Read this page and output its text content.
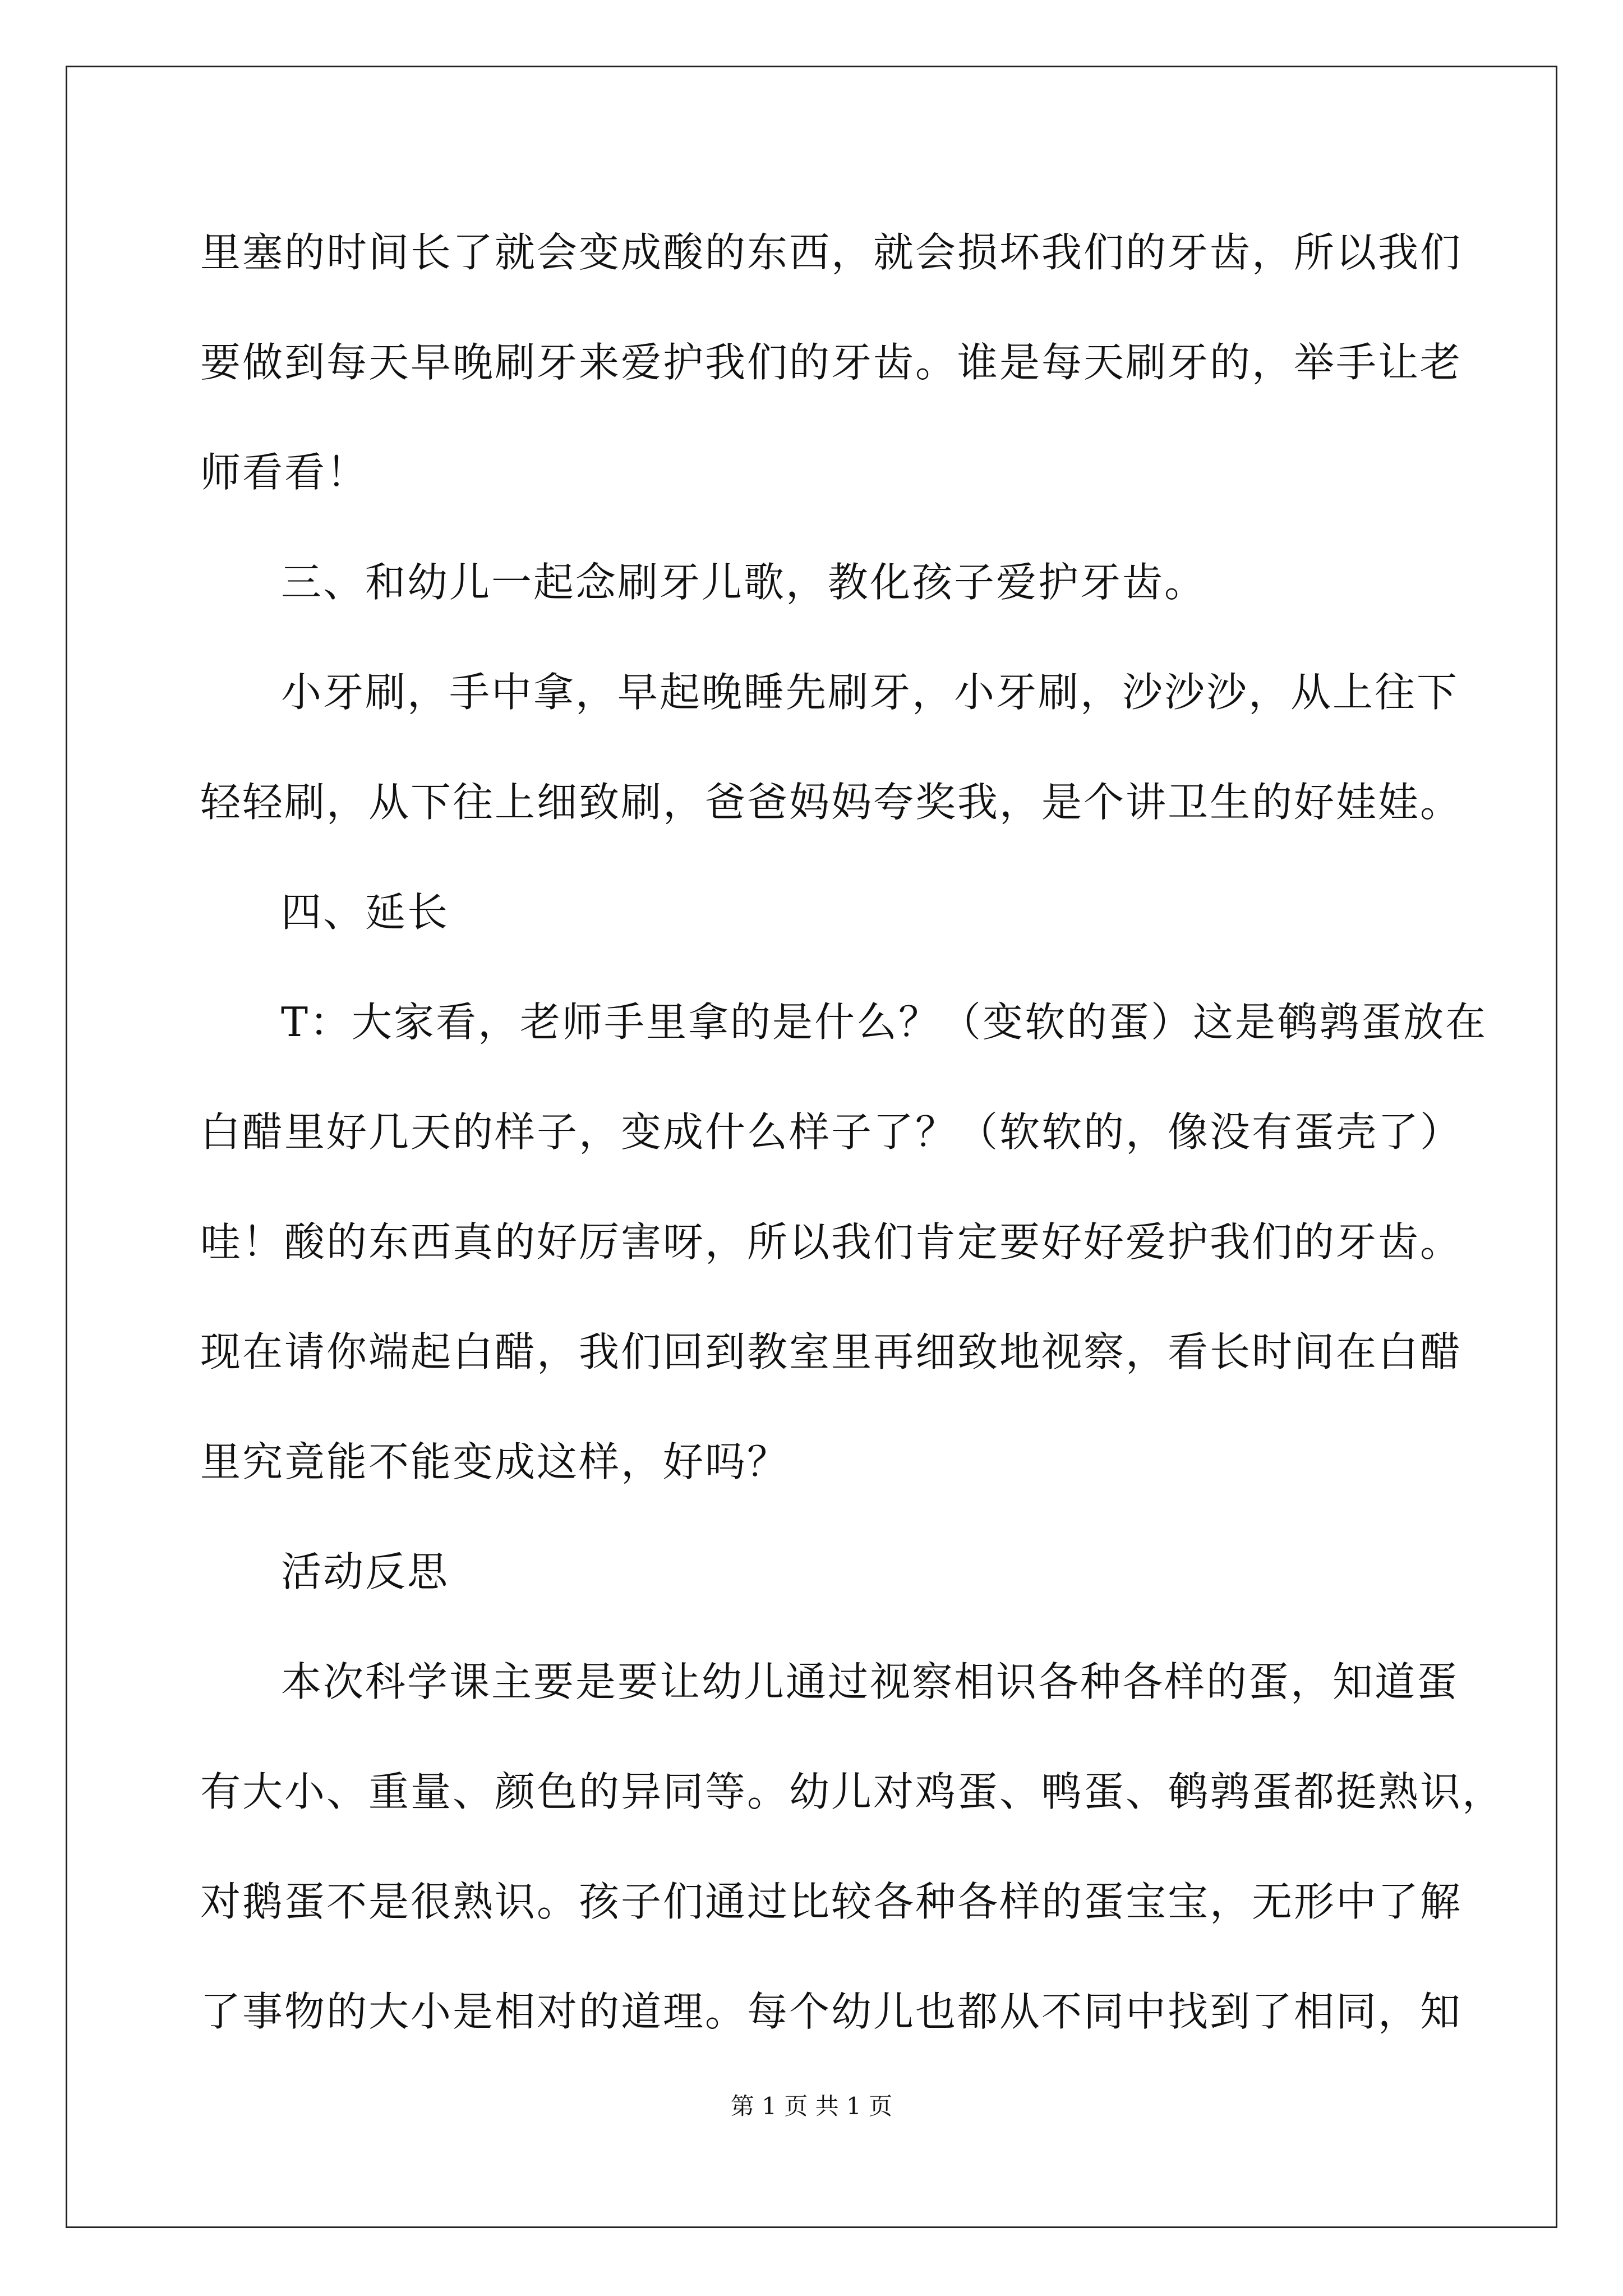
里塞的时间长了就会变成酸的东西，就会损坏我们的牙齿，所以我们
要做到每天早晚刷牙来爱护我们的牙齿。谁是每天刷牙的，举手让老
师看看！
三、和幼儿一起念刷牙儿歌，教化孩子爱护牙齿。
小牙刷，手中拿，早起晚睡先刷牙，小牙刷，沙沙沙，从上往下
轻轻刷，从下往上细致刷，爸爸妈妈夸奖我，是个讲卫生的好娃娃。
四、延长
T：大家看，老师手里拿的是什么？（变软的蛋）这是鹌鹑蛋放在
白醋里好几天的样子，变成什么样子了？（软软的，像没有蛋壳了）
哇！酸的东西真的好厉害呀，所以我们肯定要好好爱护我们的牙齿。
现在请你端起白醋，我们回到教室里再细致地视察，看长时间在白醋
里究竟能不能变成这样，好吗？
活动反思
本次科学课主要是要让幼儿通过视察相识各种各样的蛋，知道蛋
有大小、重量、颜色的异同等。幼儿对鸡蛋、鸭蛋、鹌鹑蛋都挺熟识，
对鹅蛋不是很熟识。孩子们通过比较各种各样的蛋宝宝，无形中了解
了事物的大小是相对的道理。每个幼儿也都从不同中找到了相同，知
第 1 页 共 1 页
